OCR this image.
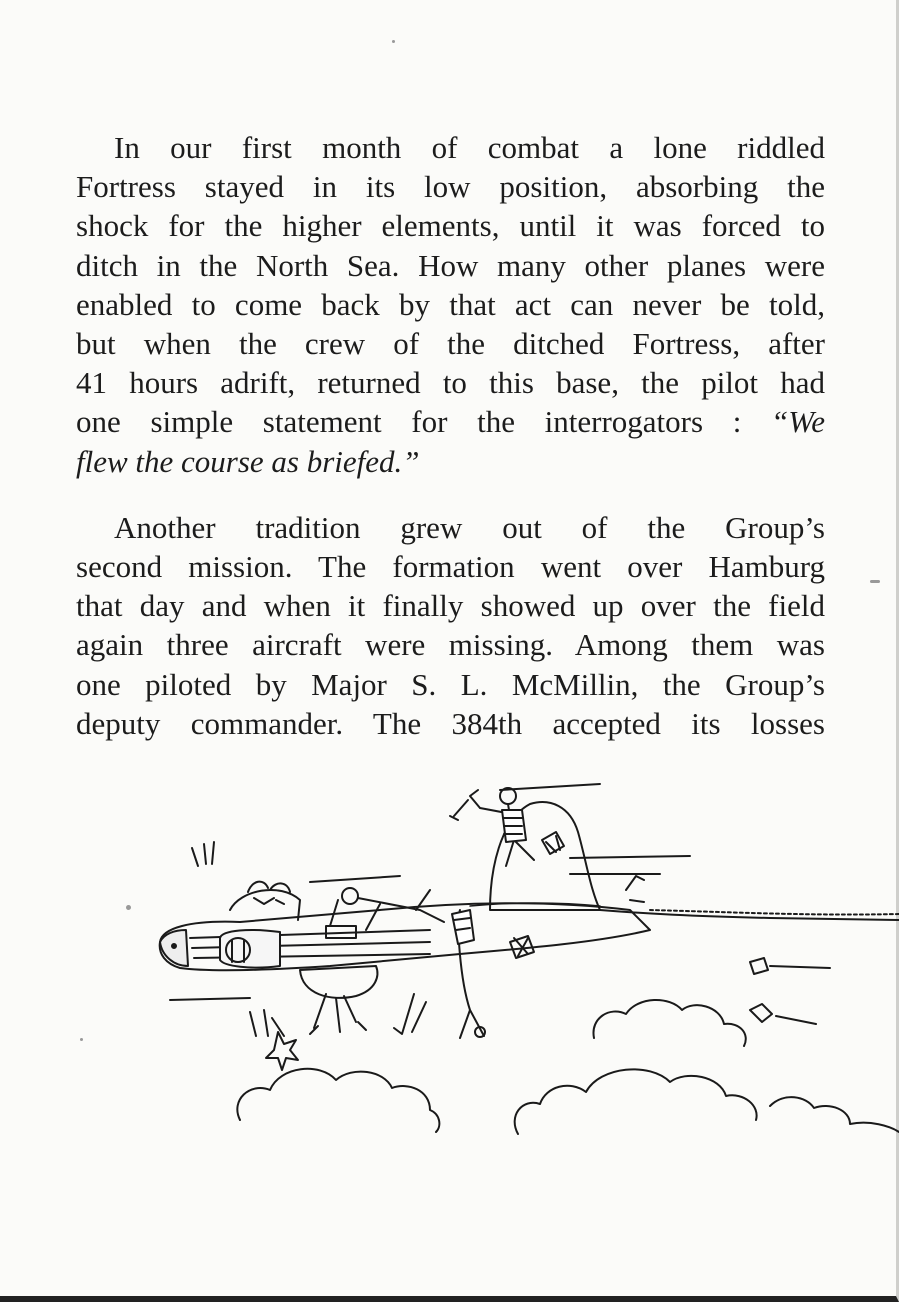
In our first month of combat a lone riddled
Fortress stayed in its low position, absorbing the
shock for the higher elements, until it was forced to
ditch in the North Sea. How many other planes were
enabled to come back by that act can never be told,
but when the crew of the ditched Fortress, after
41 hours adrift, returned to this base, the pilot had
one simple statement for the interrogators : “We
flew the course as briefed.”
Another tradition grew out of the Group’s
second mission. The formation went over Hamburg
that day and when it finally showed up over the field
again three aircraft were missing. Among them was
one piloted by Major S. L. McMillin, the Group’s
deputy commander. The 384th accepted its losses
